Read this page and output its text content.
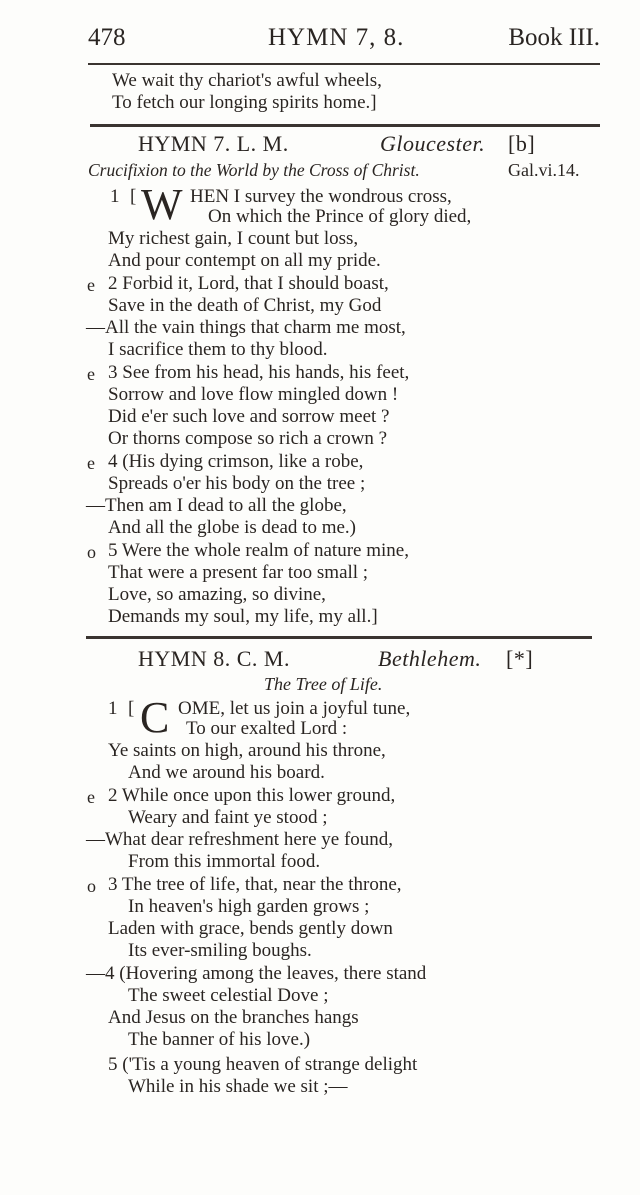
478	HYMN 7, 8.	Book III.
We wait thy chariot's awful wheels,
To fetch our longing spirits home.]
HYMN 7. L. M.	Gloucester. [b]
Crucifixion to the World by the Cross of Christ.	Gal.vi.14.
1 [ W HEN I survey the wondrous cross,
On which the Prince of glory died,
My richest gain, I count but loss,
And pour contempt on all my pride.
e 2 Forbid it, Lord, that I should boast,
Save in the death of Christ, my God
—All the vain things that charm me most,
I sacrifice them to thy blood.
e 3 See from his head, his hands, his feet,
Sorrow and love flow mingled down !
Did e'er such love and sorrow meet ?
Or thorns compose so rich a crown ?
e 4 (His dying crimson, like a robe,
Spreads o'er his body on the tree ;
—Then am I dead to all the globe,
And all the globe is dead to me.)
o 5 Were the whole realm of nature mine,
That were a present far too small ;
Love, so amazing, so divine,
Demands my soul, my life, my all.]
HYMN 8. C. M.	Bethlehem. [*]
The Tree of Life.
1 [ C OME, let us join a joyful tune,
To our exalted Lord :
Ye saints on high, around his throne,
And we around his board.
e 2 While once upon this lower ground,
Weary and faint ye stood ;
—What dear refreshment here ye found,
From this immortal food.
o 3 The tree of life, that, near the throne,
In heaven's high garden grows ;
Laden with grace, bends gently down
Its ever-smiling boughs.
—4 (Hovering among the leaves, there stand
The sweet celestial Dove ;
And Jesus on the branches hangs
The banner of his love.)
5 ('Tis a young heaven of strange delight
While in his shade we sit ;—
